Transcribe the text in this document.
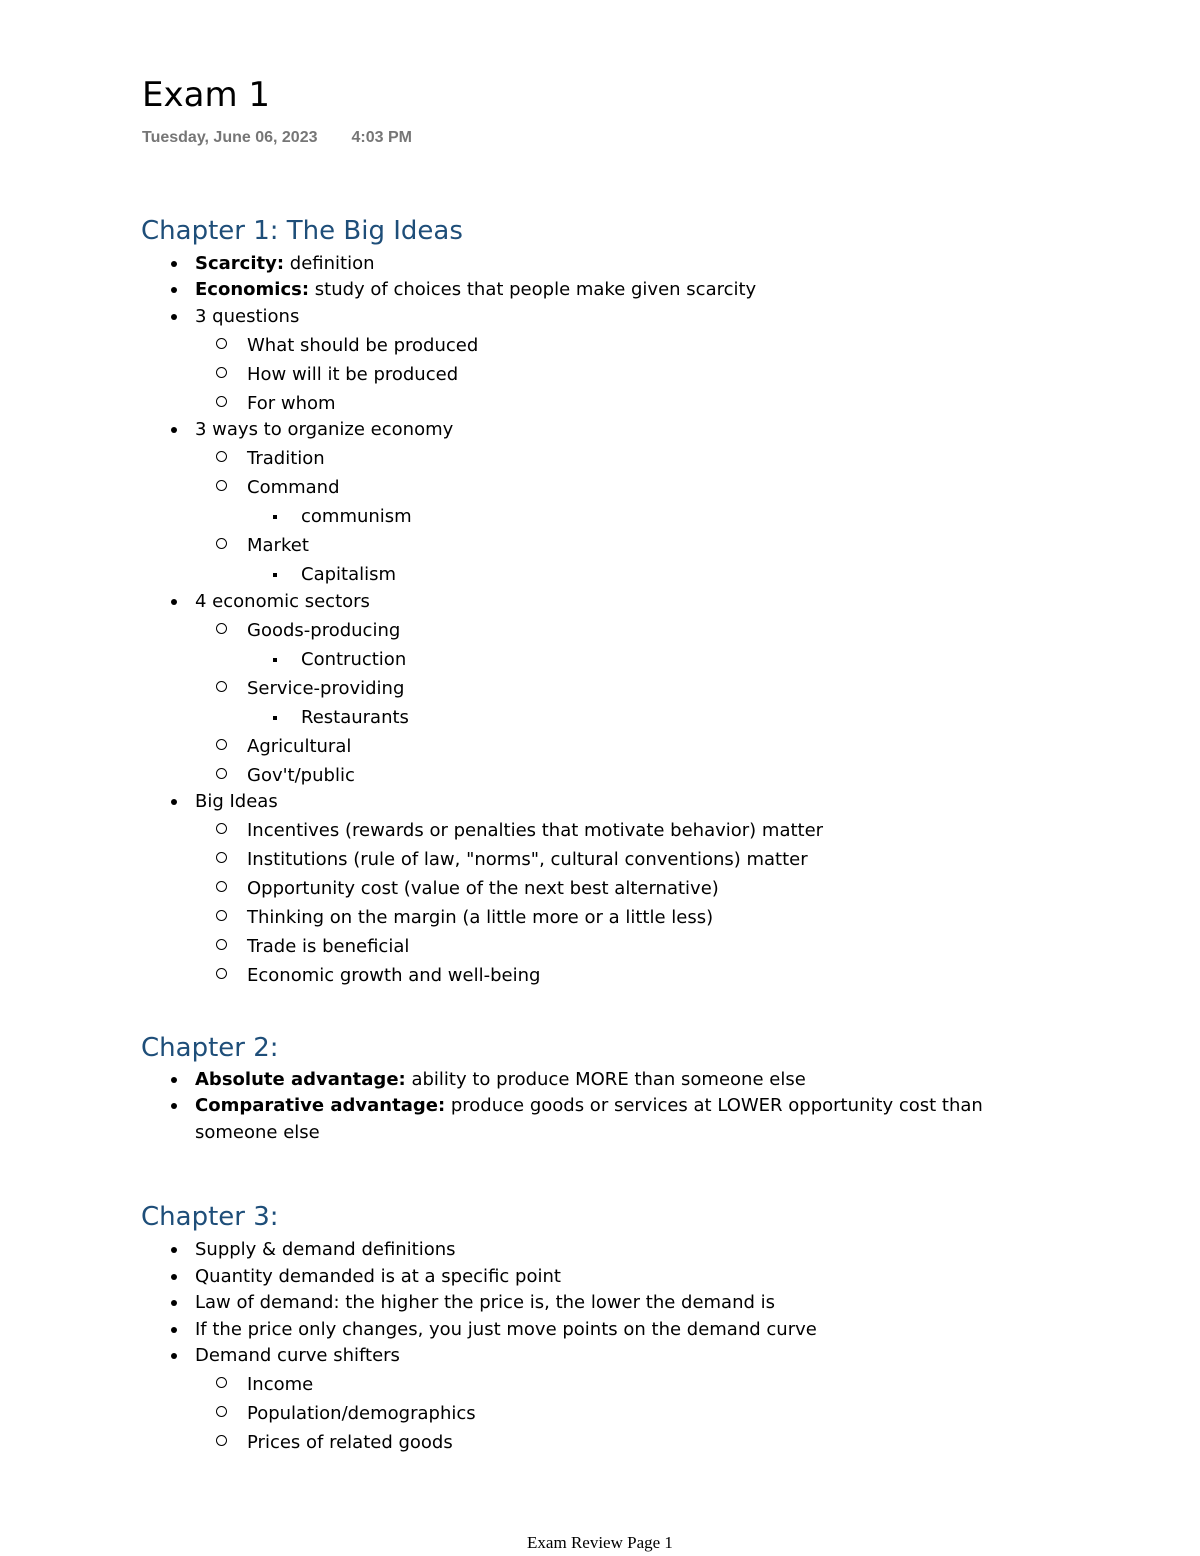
Exam 1
Tuesday, June 06, 2023 4:03 PM
Chapter 1: The Big Ideas
Chapter 2:
Chapter 3:
Scarcity: definition
Economics: study of choices that people make given scarcity
3 questions
What should be produced
How will it be produced
For whom
3 ways to organize economy
Tradition
Command
communism
Market
Capitalism
4 economic sectors
Goods-producing
Contruction
Service-providing
Restaurants
Agricultural
Gov't/public
Big Ideas
Incentives (rewards or penalties that motivate behavior) matter
Institutions (rule of law, "norms", cultural conventions) matter
Opportunity cost (value of the next best alternative)
Thinking on the margin (a little more or a little less)
Trade is beneficial
Economic growth and well-being
Absolute advantage: ability to produce MORE than someone else
Comparative advantage: produce goods or services at LOWER opportunity cost than someone else
Supply & demand definitions
Quantity demanded is at a specific point
Law of demand: the higher the price is, the lower the demand is
If the price only changes, you just move points on the demand curve
Demand curve shifters
Income
Population/demographics
Prices of related goods
Exam Review Page 1
